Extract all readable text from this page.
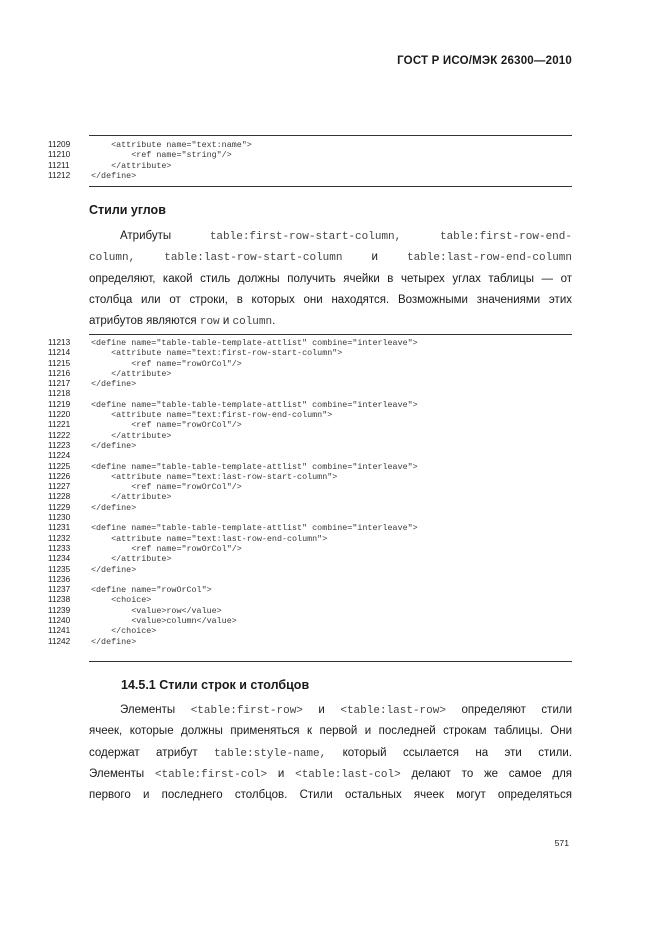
ГОСТ Р ИСО/МЭК 26300—2010
11209	<attribute name="text:name">
11210	<ref name="string"/>
11211	</attribute>
11212	</define>
Стили углов
Атрибуты	table:first-row-start-column,	table:first-row-end-
column,	table:last-row-start-column	и	table:last-row-end-column
определяют, какой стиль должны получить ячейки в четырех углах таблицы — от
столбца или от строки, в которых они находятся. Возможными значениями этих
атрибутов являются row и column.
11213	<define name="table-table-template-attlist" combine="interleave">
11214	<attribute name="text:first-row-start-column">
11215	<ref name="rowOrCol"/>
11216	</attribute>
11217	</define>
11218
11219	<define name="table-table-template-attlist" combine="interleave">
11220	<attribute name="text:first-row-end-column">
11221	<ref name="rowOrCol"/>
11222	</attribute>
11223	</define>
11224
11225	<define name="table-table-template-attlist" combine="interleave">
11226	<attribute name="text:last-row-start-column">
11227	<ref name="rowOrCol"/>
11228	</attribute>
11229	</define>
11230
11231	<define name="table-table-template-attlist" combine="interleave">
11232	<attribute name="text:last-row-end-column">
11233	<ref name="rowOrCol"/>
11234	</attribute>
11235	</define>
11236
11237	<define name="rowOrCol">
11238	<choice>
11239	<value>row</value>
11240	<value>column</value>
11241	</choice>
11242	</define>
14.5.1 Стили строк и столбцов
Элементы <table:first-row> и <table:last-row> определяют стили
ячеек, которые должны применяться к первой и последней строкам таблицы. Они
содержат атрибут table:style-name, который ссылается на эти стили.
Элементы <table:first-col> и <table:last-col> делают то же самое для
первого и последнего столбцов. Стили остальных ячеек могут определяться
571
